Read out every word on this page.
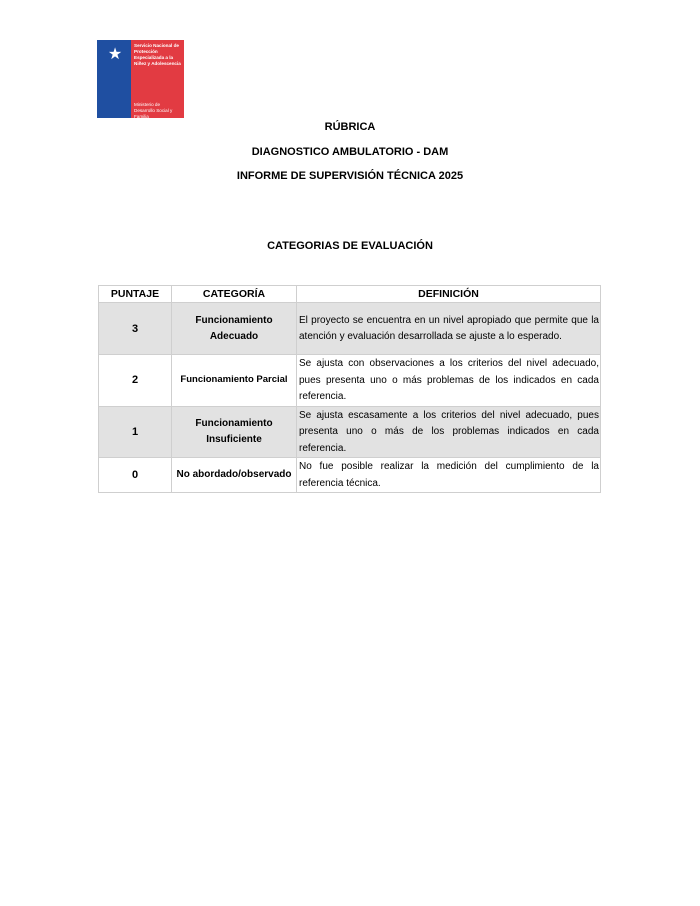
★
Servicio Nacional de Protección Especializada a la Niñez y Adolescencia
Ministerio de Desarrollo Social y Familia
RÚBRICA
DIAGNOSTICO AMBULATORIO - DAM
INFORME DE SUPERVISIÓN TÉCNICA 2025
CATEGORIAS DE EVALUACIÓN
PUNTAJE	CATEGORÍA	DEFINICIÓN
3	Funcionamiento Adecuado	El proyecto se encuentra en un nivel apropiado que permite que la atención y evaluación desarrollada se ajuste a lo esperado.
2	Funcionamiento Parcial	Se ajusta con observaciones a los criterios del nivel adecuado, pues presenta uno o más problemas de los indicados en cada referencia.
1	Funcionamiento Insuficiente	Se ajusta escasamente a los criterios del nivel adecuado, pues presenta uno o más de los problemas indicados en cada referencia.
0	No abordado/observado	No fue posible realizar la medición del cumplimiento de la referencia técnica.
